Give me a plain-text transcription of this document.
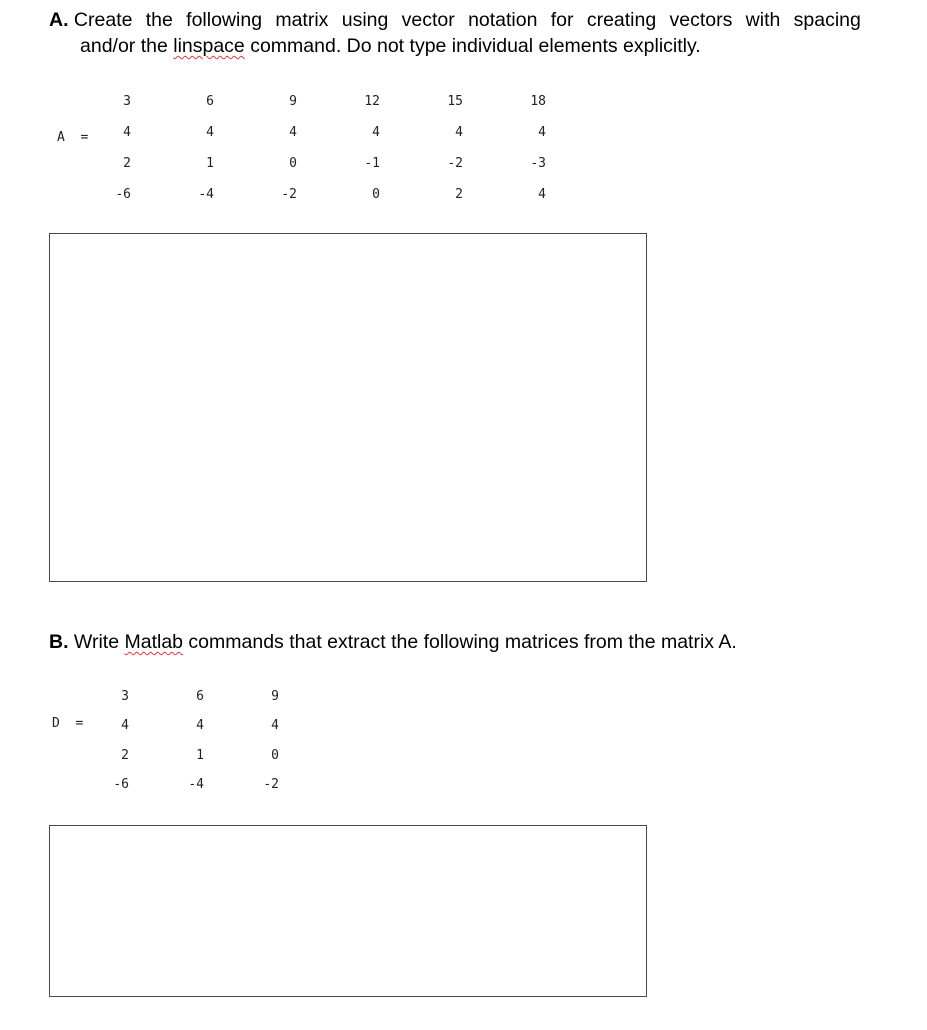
A. Create the following matrix using vector notation for creating vectors with spacing
and/or the linspace command. Do not type individual elements explicitly.
A =
3	6	9	12	15	18
4	4	4	4	4	4
2	1	0	-1	-2	-3
-6	-4	-2	0	2	4
B. Write Matlab commands that extract the following matrices from the matrix A.
D =
3	6	9
4	4	4
2	1	0
-6	-4	-2
